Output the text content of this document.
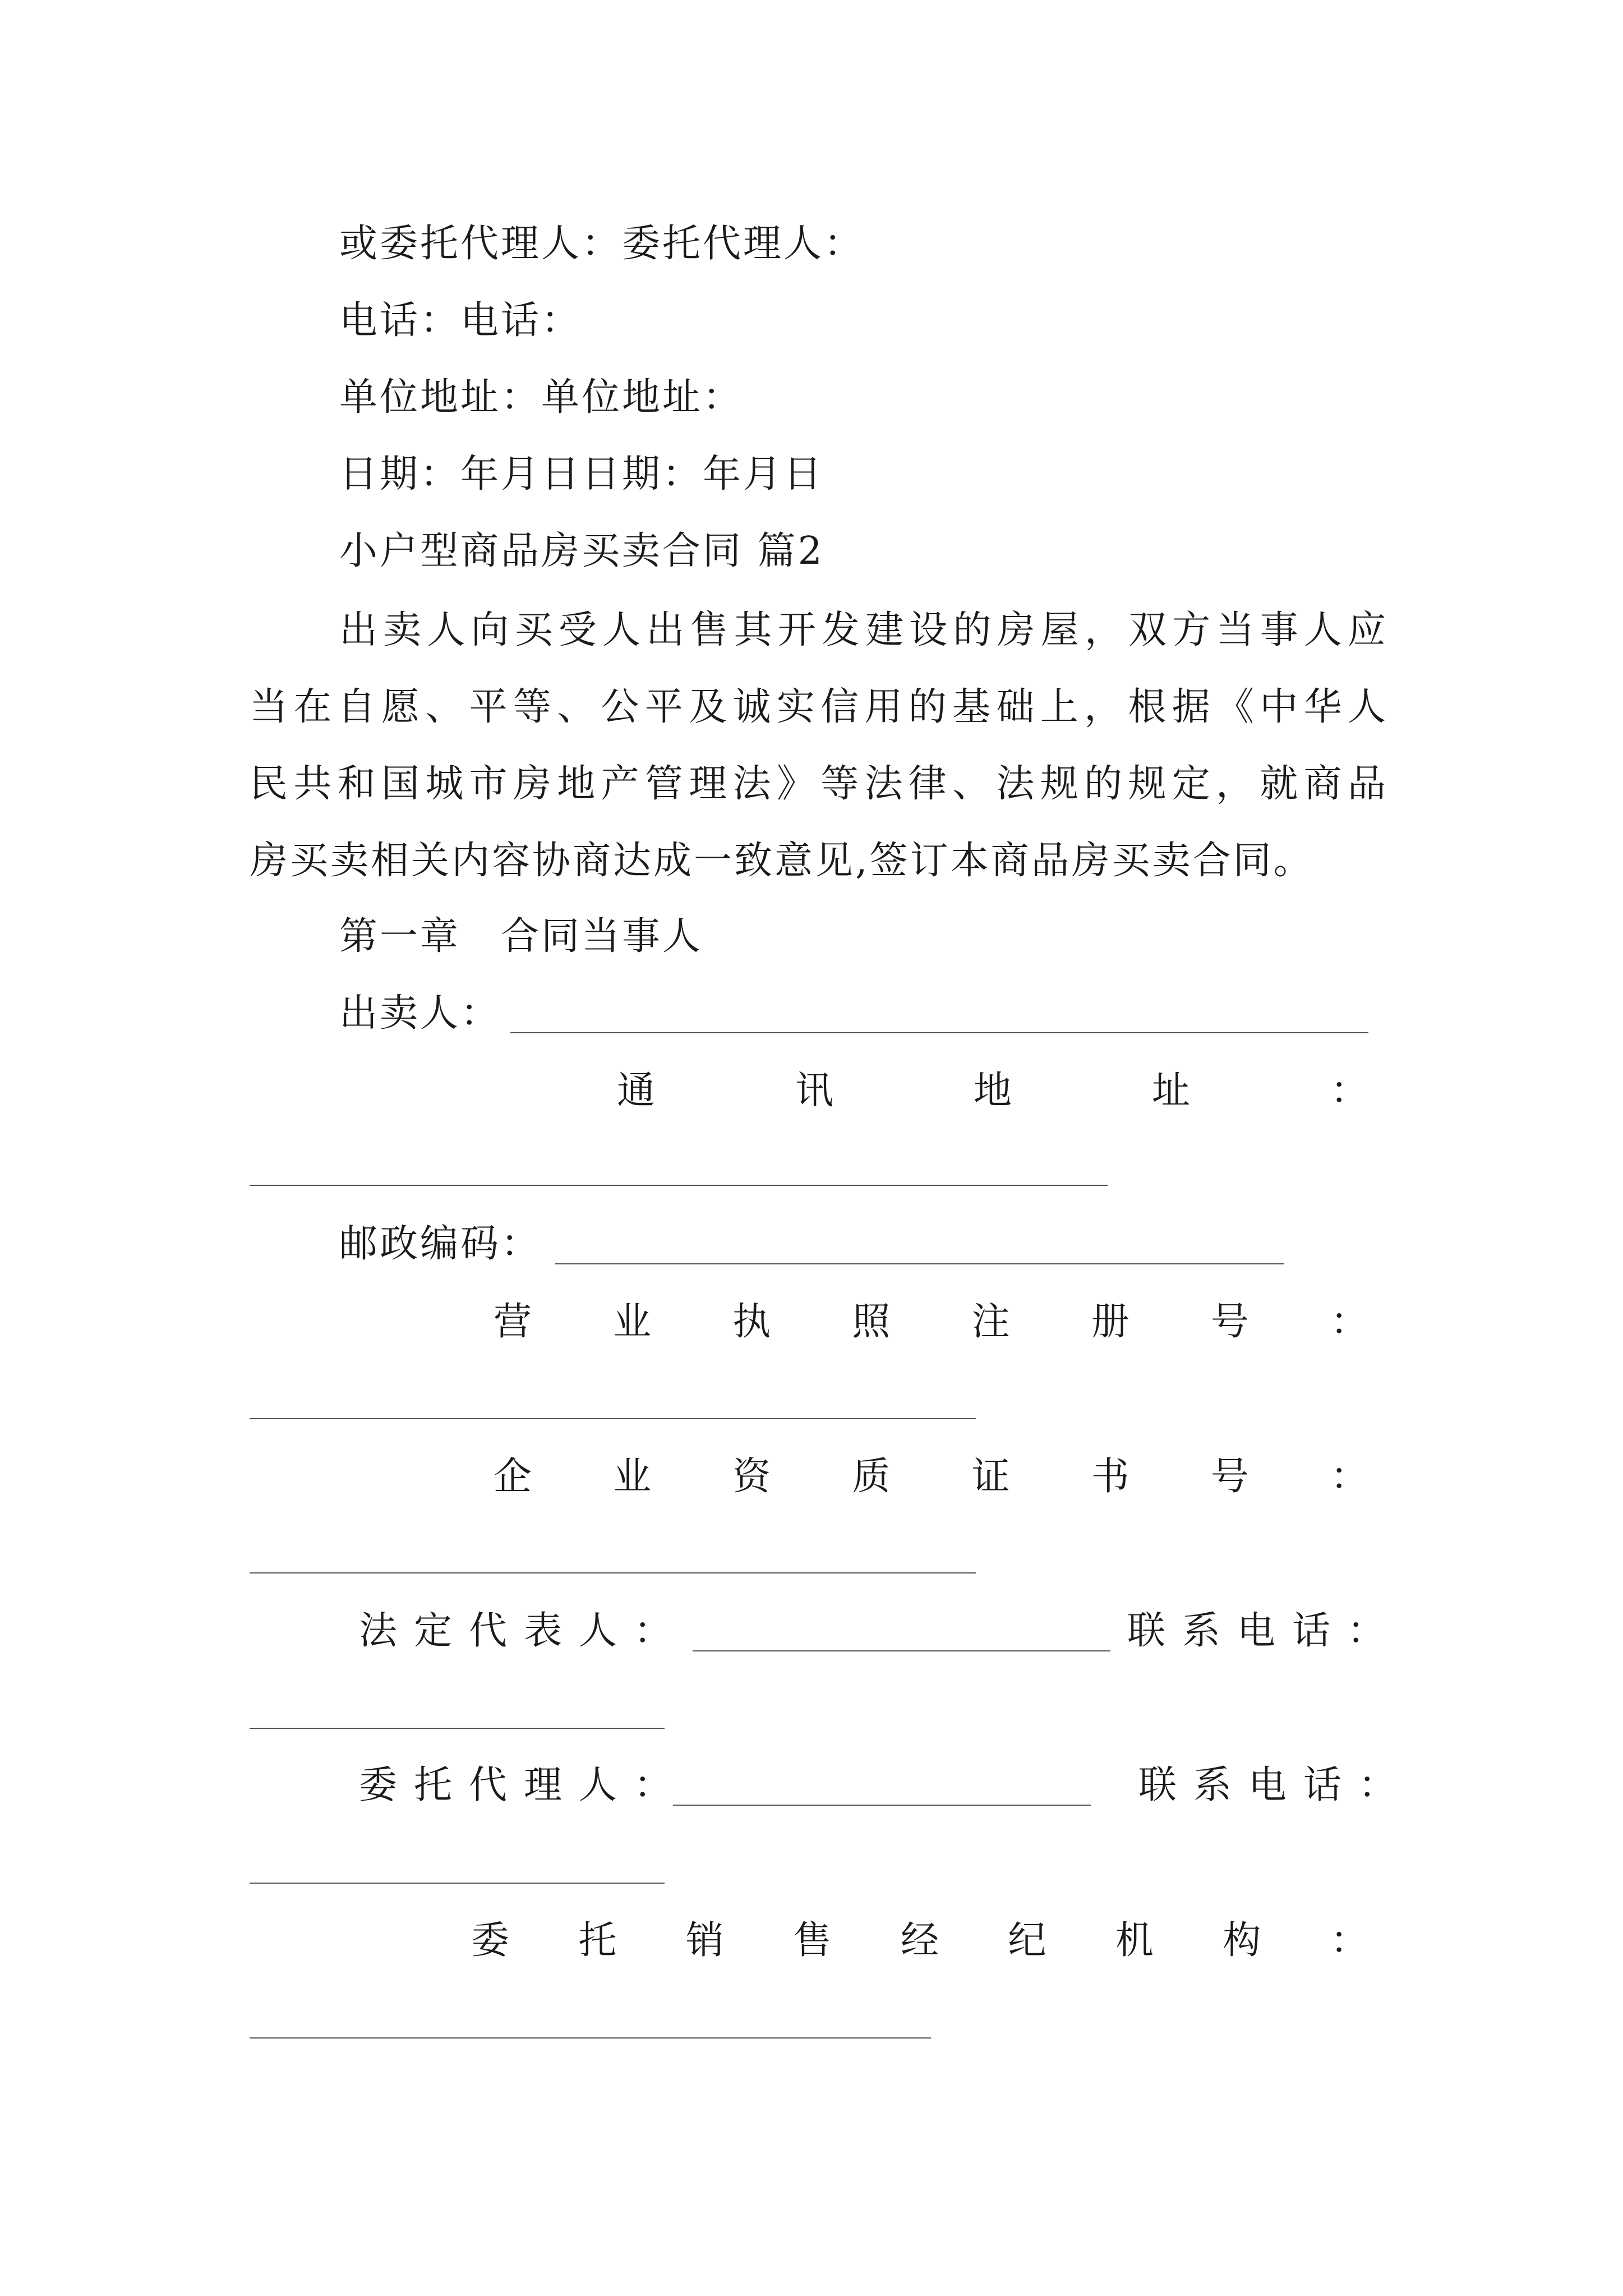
或委托代理人：委托代理人：
电话：电话：
单位地址：单位地址：
日期：年月日日期：年月日
小户型商品房买卖合同 篇2
出卖人向买受人出售其开发建设的房屋，双方当事人应
当在自愿、平等、公平及诚实信用的基础上，根据《中华人
民共和国城市房地产管理法》等法律、法规的规定，就商品
房买卖相关内容协商达成一致意见,签订本商品房买卖合同。
第一章　合同当事人
出卖人：
通	讯	地	址	：
邮政编码：
营 业 执 照 注 册 号 ：
企 业 资 质 证 书 号 ：
法定代表人：	联系电话：
委托代理人：	联系电话：
委 托 销 售 经 纪 机 构 ：
